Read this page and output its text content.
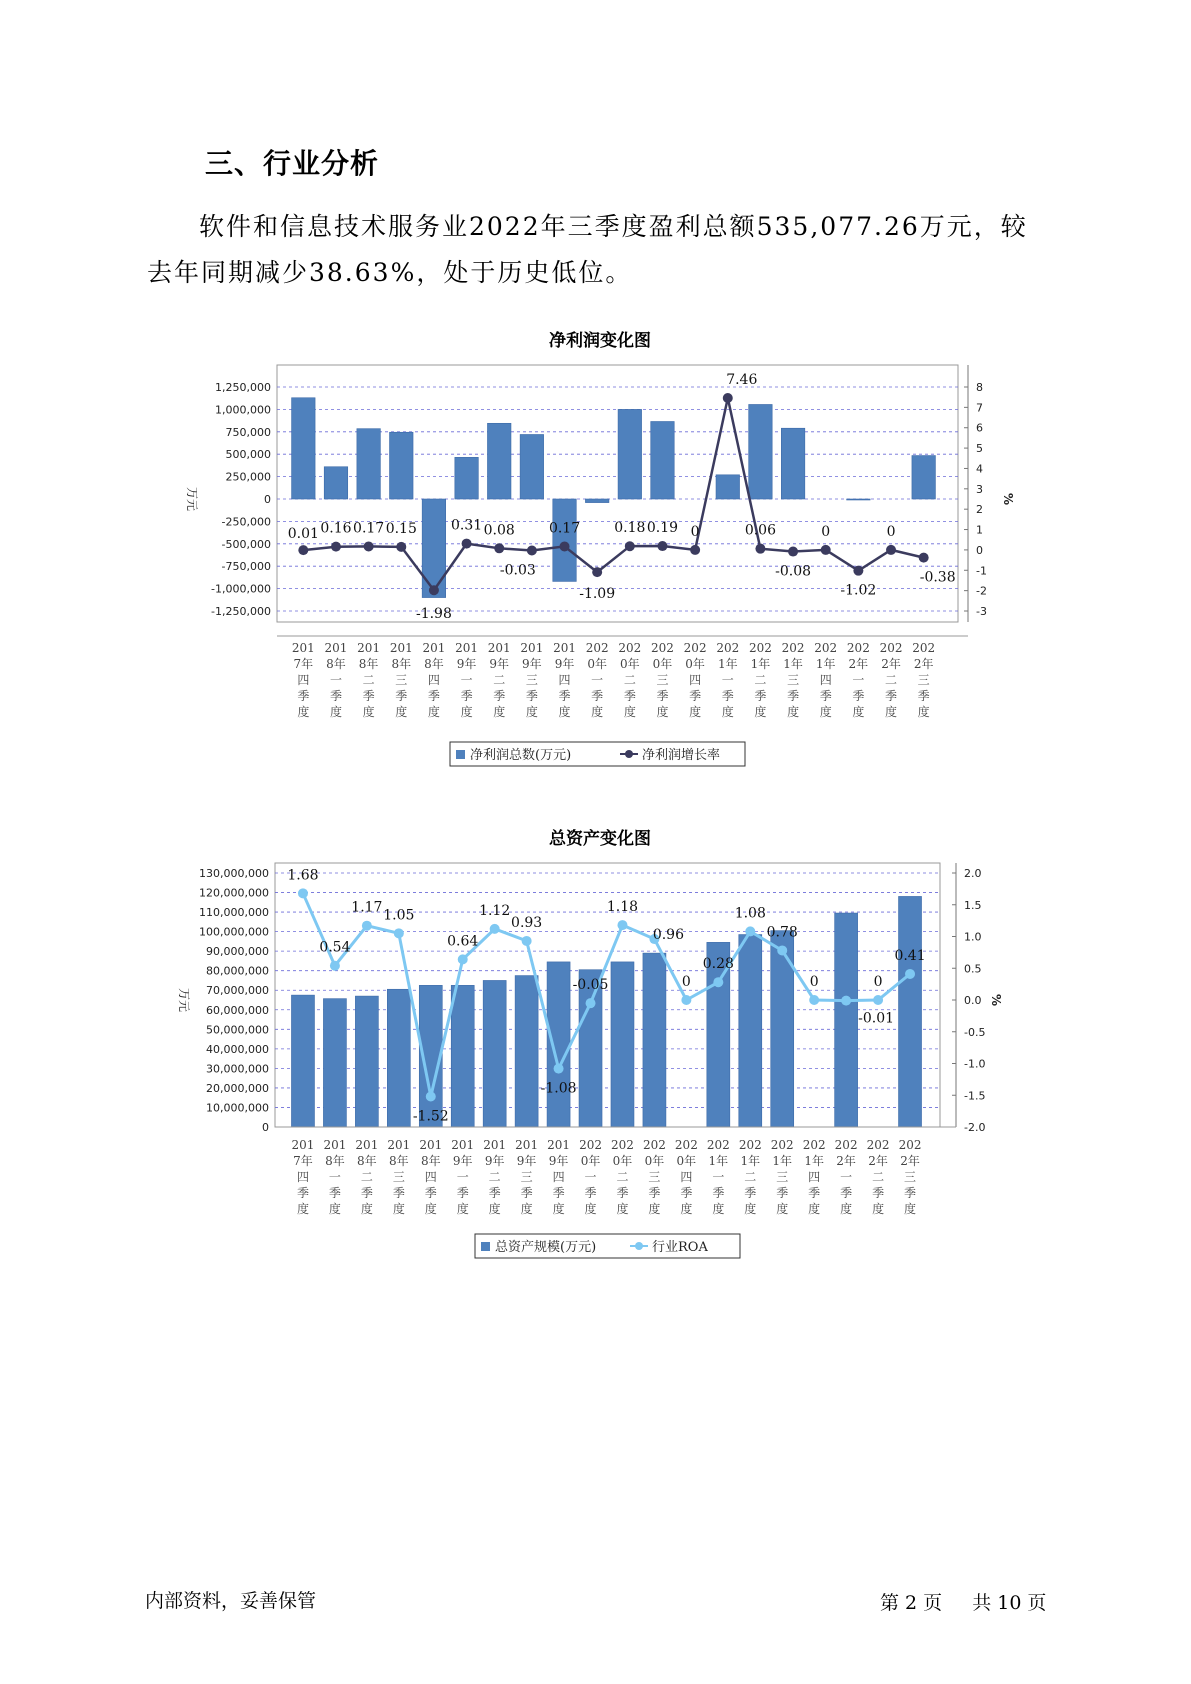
三、行业分析

软件和信息技术服务业2022年三季度盈利总额535,077.26万元，较去年同期减少38.63%，处于历史低位。

净利润变化图
1,250,000
1,000,000
750,000
500,000
250,000
0
-250,000
-500,000
-750,000
-1,000,000
-1,250,000
8
7
6
5
4
3
2
1
0
-1
-2
-3
万元	%
0.01 0.16 0.17 0.15
-1.98
0.31 0.08
-0.03
0.17
-1.09
0.18 0.19 0
7.46
0.06
-0.08
0
-1.02
0
-0.38
201
7年
四
季
度
201
8年
一
季
度
201
8年
二
季
度
201
8年
三
季
度
201
8年
四
季
度
201
9年
一
季
度
201
9年
二
季
度
201
9年
三
季
度
201
9年
四
季
度
202
0年
一
季
度
202
0年
二
季
度
202
0年
三
季
度
202
0年
四
季
度
202
1年
一
季
度
202
1年
二
季
度
202
1年
三
季
度
202
1年
四
季
度
202
2年
一
季
度
202
2年
二
季
度
202
2年
三
季
度
净利润总数(万元)	净利润增长率
总资产变化图
130,000,000
120,000,000
110,000,000
100,000,000
90,000,000
80,000,000
70,000,000
60,000,000
50,000,000
40,000,000
30,000,000
20,000,000
10,000,000
0
2.0
1.5
1.0
0.5
0.0
-0.5
-1.0
-1.5
-2.0
万元	%
1.68
0.54
1.17 1.05
-1.52
0.64
1.12
0.93
-1.08
-0.05
1.18
0.96
0
0.28
1.08
0.78
0
-0.01
0
0.41
201
7年
四
季
度
201
8年
一
季
度
201
8年
二
季
度
201
8年
三
季
度
201
8年
四
季
度
201
9年
一
季
度
201
9年
二
季
度
201
9年
三
季
度
201
9年
四
季
度
202
0年
一
季
度
202
0年
二
季
度
202
0年
三
季
度
202
0年
四
季
度
202
1年
一
季
度
202
1年
二
季
度
202
1年
三
季
度
202
1年
四
季
度
202
2年
一
季
度
202
2年
二
季
度
202
2年
三
季
度
总资产规模(万元)	行业ROA
内部资料，妥善保管	第 2 页 共 10 页
